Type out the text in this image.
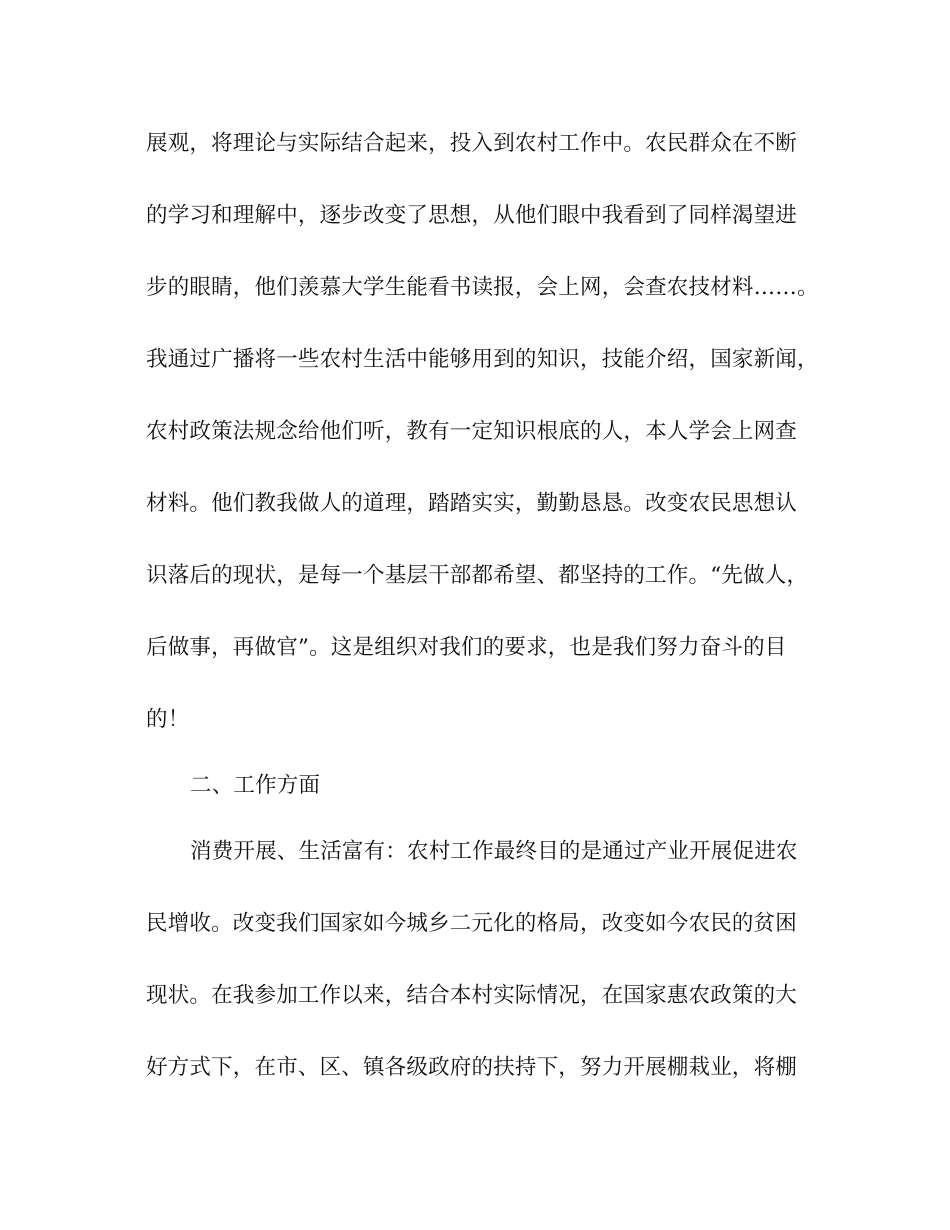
展观，将理论与实际结合起来，投入到农村工作中。农民群众在不断
的学习和理解中，逐步改变了思想，从他们眼中我看到了同样渴望进
步的眼睛，他们羡慕大学生能看书读报，会上网，会查农技材料……。
我通过广播将一些农村生活中能够用到的知识，技能介绍，国家新闻，
农村政策法规念给他们听，教有一定知识根底的人，本人学会上网查
材料。他们教我做人的道理，踏踏实实，勤勤恳恳。改变农民思想认
识落后的现状，是每一个基层干部都希望、都坚持的工作。“先做人，
后做事，再做官”。这是组织对我们的要求，也是我们努力奋斗的目
的！
二、工作方面
消费开展、生活富有：农村工作最终目的是通过产业开展促进农
民增收。改变我们国家如今城乡二元化的格局，改变如今农民的贫困
现状。在我参加工作以来，结合本村实际情况，在国家惠农政策的大
好方式下，在市、区、镇各级政府的扶持下，努力开展棚栽业，将棚
